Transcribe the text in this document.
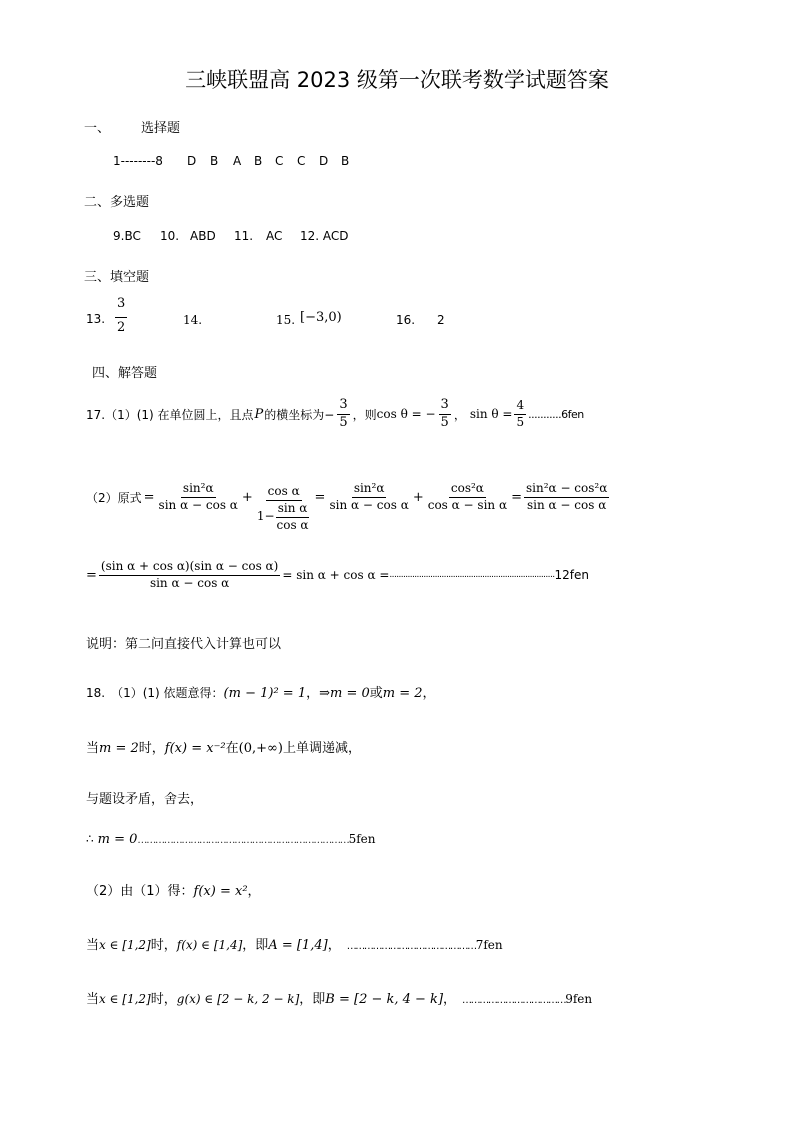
三峡联盟高 2023 级第一次联考数学试题答案
一、 选择题
1--------8 D B A B C C D B
二、多选题
9.BC 10. ABD 11. AC 12. ACD
三、填空题
13. $\frac{3}{2}$	14.	15. [−3,0)	16. 2
四、解答题
17.（1）(1) 在单位圆上，且点 P 的横坐标为− $\frac{3}{5}$ ，则 cos θ = − $\frac{3}{5}$ ， $\sin \theta = \frac{4}{5} ...........6fen$
（2）原式 = $\frac{\text{sin²α}}{\text{sin α − cos α}} + \frac{\text{cos α}}{1- \frac{\text{sin α}}{\text{cos α}}} = \frac{\text{sin²α}}{\text{sin α − cos α}} + \frac{\text{cos²α}}{\text{cos α − sin α}} = \frac{\text{sin²α − cos²α}}{\text{sin α − cos α}}$
= $\frac{\text{(sin α + cos α)(sin α − cos α)}}{\text{sin α − cos α}} = \sin \alpha + \cos \alpha$ = ......................................................................... 12fen
说明：第二问直接代入计算也可以
18.　（1）(1) 依题意得：(m − 1)² = 1，⇒m = 0或m = 2，
当m = 2时，f(x) = x⁻²在(0,+∞)上单调递减，
与题设矛盾，舍去，
∴ m = 0………………………………………………………………5fen
（2）由（1）得：f(x) = x²，
当x ∈ [1,2]时，f(x) ∈ [1,4]，即A = [1,4]， ………………………………………7fen
当x ∈ [1,2]时，g(x) ∈ [2 − k, 2 − k]，即B = [2 − k, 4 − k]， ………………………………9fen
